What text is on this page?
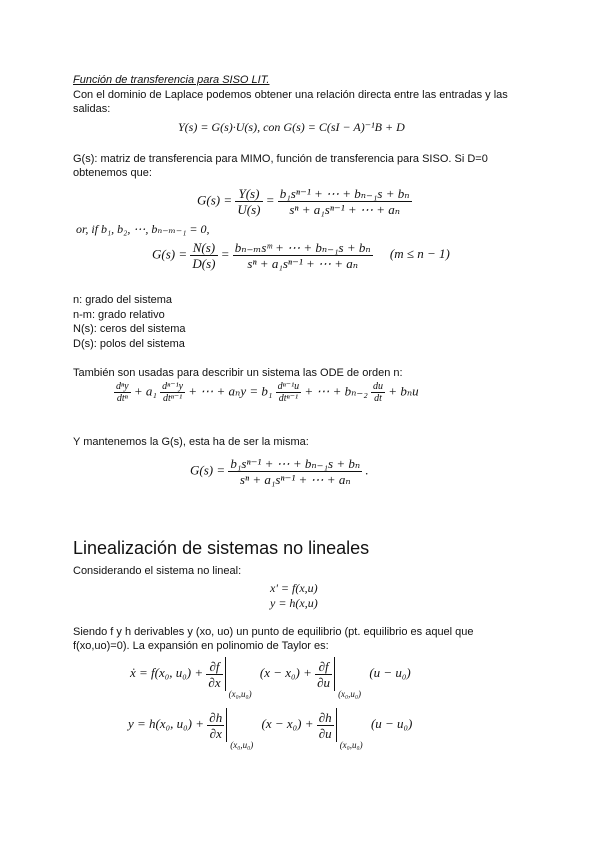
Función de transferencia para SISO LIT.
Con el dominio de Laplace podemos obtener una relación directa entre las entradas y las salidas:
Y(s) = G(s)·U(s), con G(s) = C(sI − A)⁻¹B + D
G(s): matriz de transferencia para MIMO, función de transferencia para SISO. Si D=0 obtenemos que:
$G(s) = \frac{Y(s)}{U(s)} = \frac{\text{b₁sⁿ⁻¹ + ⋯ + bₙ₋₁s + bₙ}}{\text{sⁿ + a₁sⁿ⁻¹ + ⋯ + aₙ}}$
or, if b₁, b₂, ⋯, bₙ₋ₘ₋₁ = 0,
$G(s) = \frac{N(s)}{D(s)} = \frac{\text{bₙ₋ₘsᵐ + ⋯ + bₙ₋₁s + bₙ}}{\text{sⁿ + a₁sⁿ⁻¹ + ⋯ + aₙ}} (m \le n - 1)$
n: grado del sistema
n-m: grado relativo
N(s): ceros del sistema
D(s): polos del sistema
También son usadas para describir un sistema las ODE de orden n:
$\frac{\text{dⁿy}}{\text{dtⁿ}} + a_1 \frac{\text{dⁿ⁻¹y}}{\text{dtⁿ⁻¹}}$ + ⋯ + $a_ny = b_1 \frac{\text{dⁿ⁻¹u}}{\text{dtⁿ⁻¹}}$ + ⋯ + $b_{n-2} \frac{du}{dt} + b_nu$
Y mantenemos la G(s), esta ha de ser la misma:
$G(s) = \frac{\text{b₁sⁿ⁻¹ + ⋯ + bₙ₋₁s + bₙ}}{\text{sⁿ + a₁sⁿ⁻¹ + ⋯ + aₙ}}$ .
Linealización de sistemas no lineales
Considerando el sistema no lineal:
x' = f(x,u)
y = h(x,u)
Siendo f y h derivables y (xo, uo) un punto de equilibrio (pt. equilibrio es aquel que f(xo,uo)=0). La expansión en polinomio de Taylor es:
ẋ = f(x₀, $u_0) + \frac{\partial f}{\partial x}$
(x₀,u₀)
$(x - x_0) + \frac{\partial f}{\partial u}$
(x₀,u₀)
(u − u₀)
y = h(x₀, $u_0) + \frac{\partial h}{\partial x}$
(x₀,u₀)
$(x - x_0) + \frac{\partial h}{\partial u}$
(x₀,u₀)
(u − u₀)
